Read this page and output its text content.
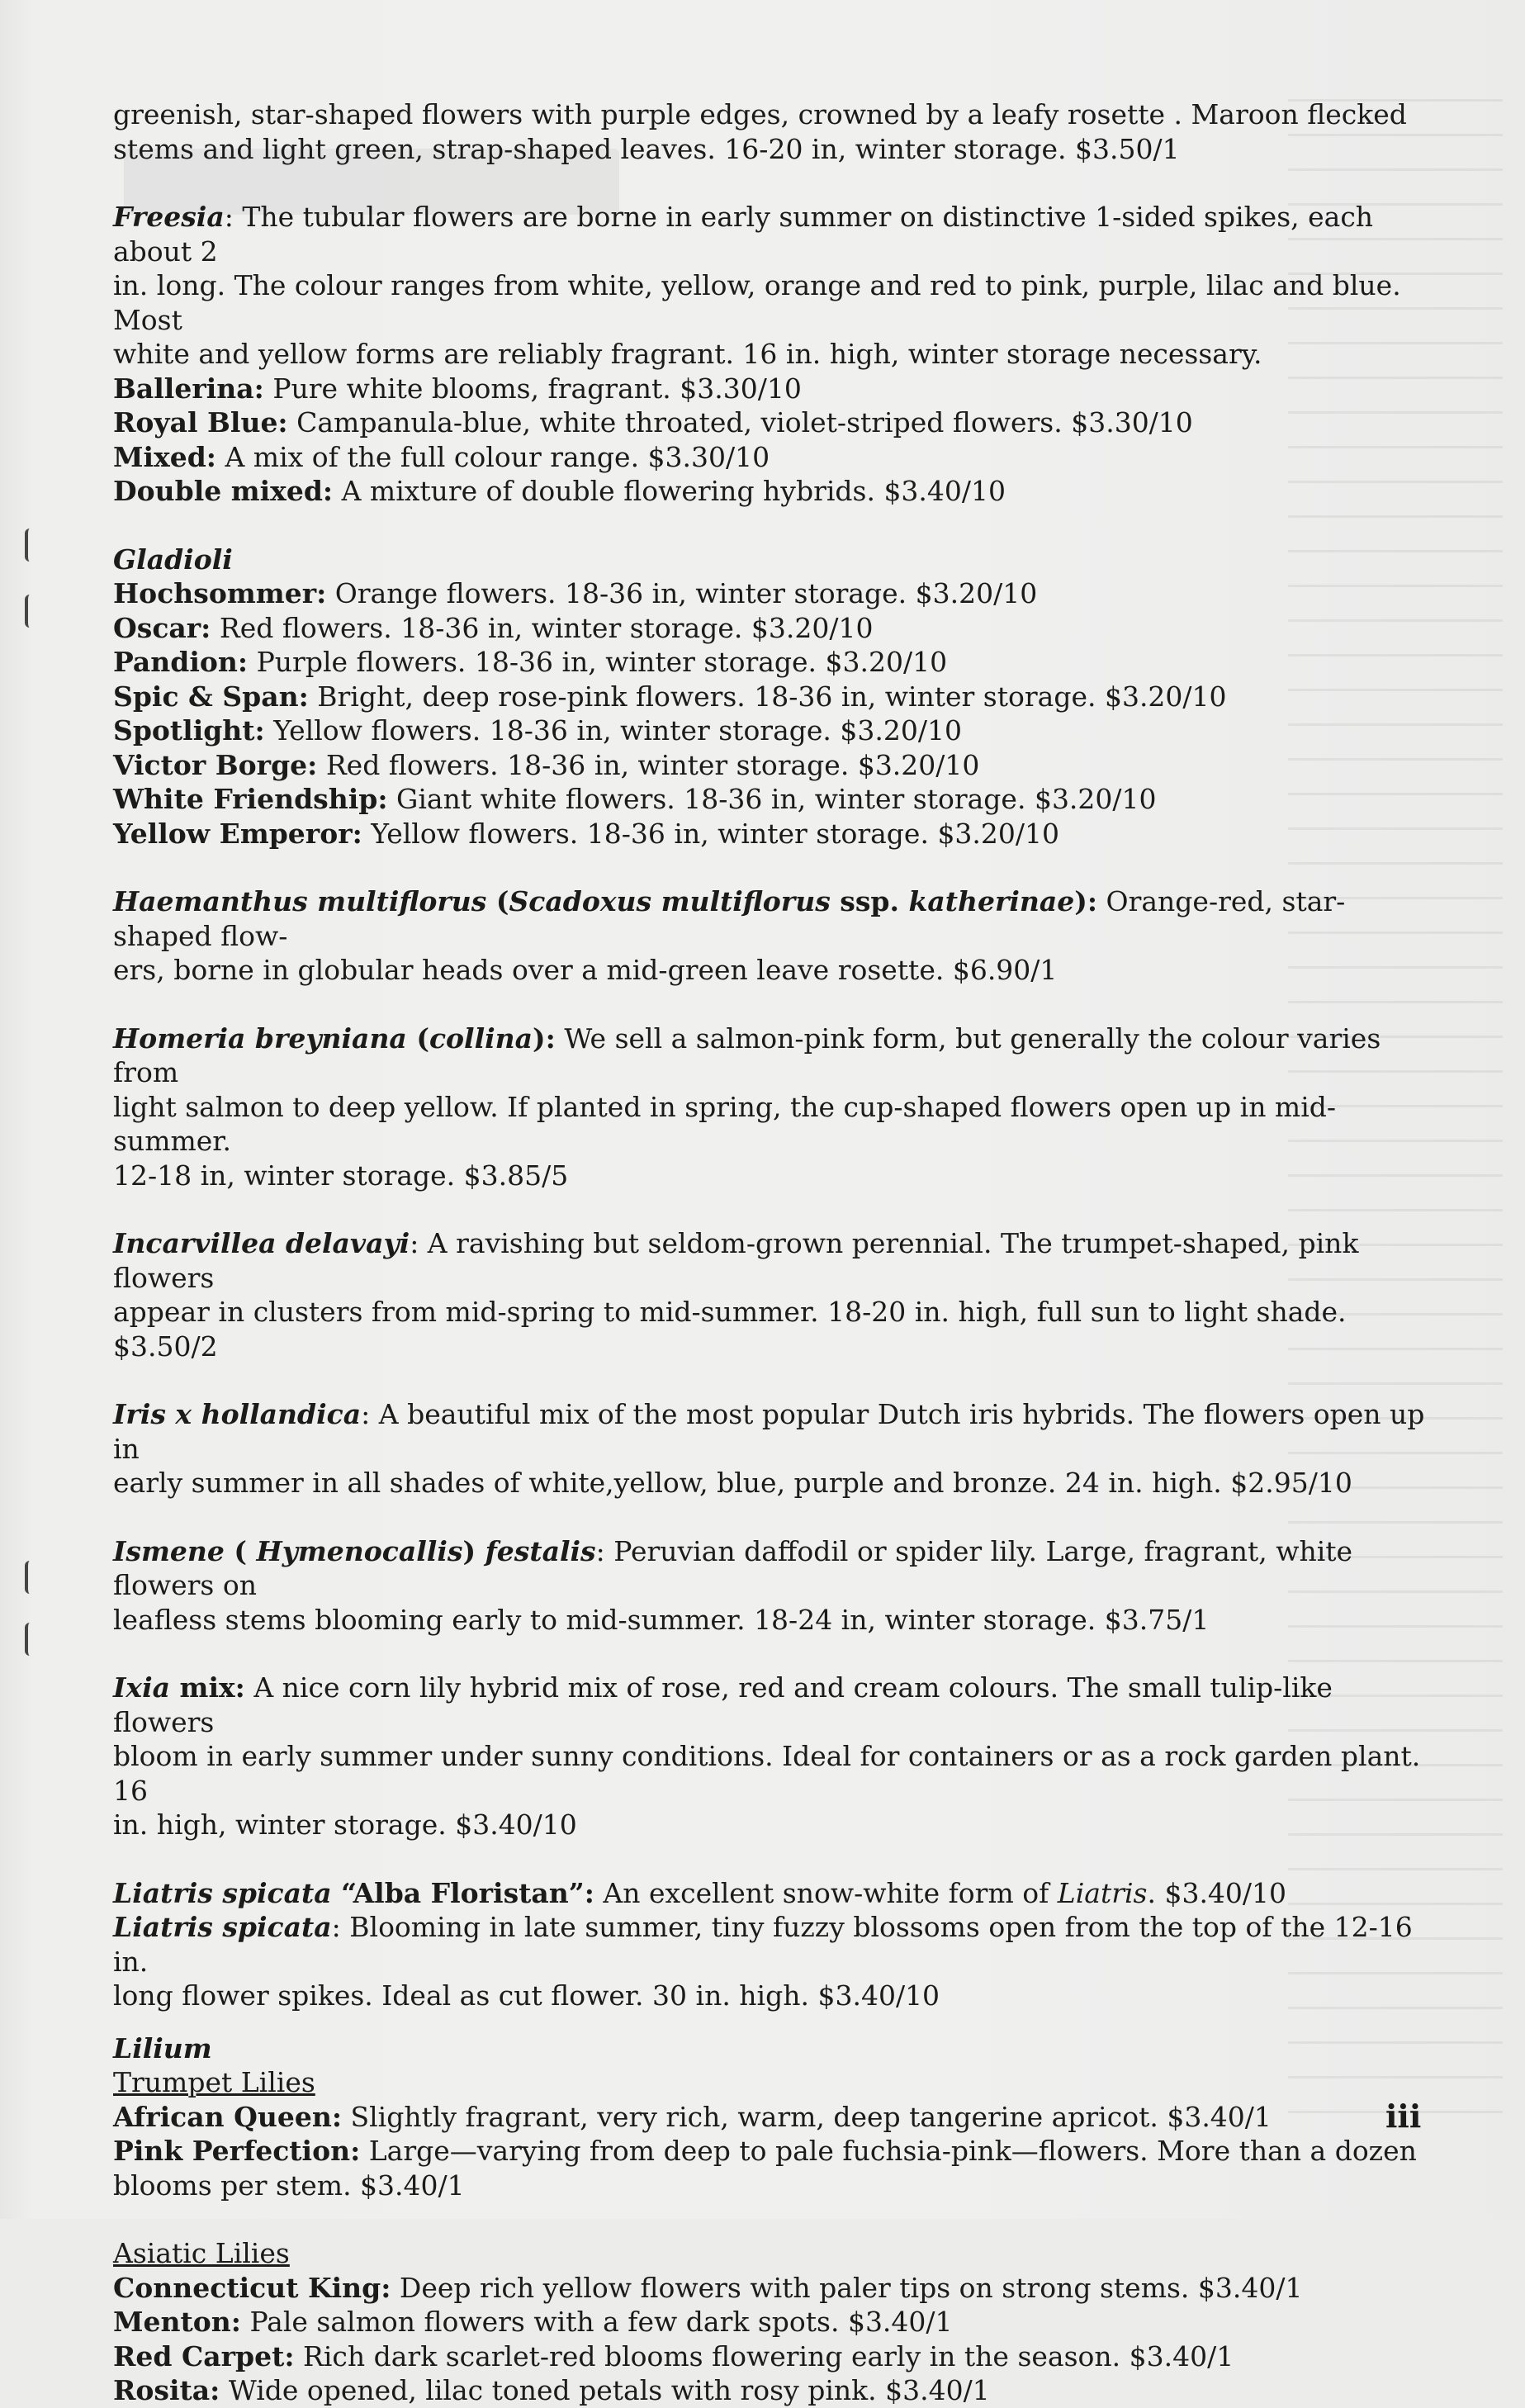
greenish, star-shaped flowers with purple edges, crowned by a leafy rosette . Maroon flecked

stems and light green, strap-shaped leaves. 16-20 in, winter storage. $3.50/1

Freesia: The tubular flowers are borne in early summer on distinctive 1-sided spikes, each about 2

in. long. The colour ranges from white, yellow, orange and red to pink, purple, lilac and blue. Most

white and yellow forms are reliably fragrant. 16 in. high, winter storage necessary.

Ballerina: Pure white blooms, fragrant. $3.30/10

Royal Blue: Campanula-blue, white throated, violet-striped flowers. $3.30/10

Mixed: A mix of the full colour range. $3.30/10

Double mixed: A mixture of double flowering hybrids. $3.40/10

Gladioli

Hochsommer: Orange flowers. 18-36 in, winter storage. $3.20/10

Oscar: Red flowers. 18-36 in, winter storage. $3.20/10

Pandion: Purple flowers. 18-36 in, winter storage. $3.20/10

Spic & Span: Bright, deep rose-pink flowers. 18-36 in, winter storage. $3.20/10

Spotlight: Yellow flowers. 18-36 in, winter storage. $3.20/10

Victor Borge: Red flowers. 18-36 in, winter storage. $3.20/10

White Friendship: Giant white flowers. 18-36 in, winter storage. $3.20/10

Yellow Emperor: Yellow flowers. 18-36 in, winter storage. $3.20/10

Haemanthus multiflorus (Scadoxus multiflorus ssp. katherinae): Orange-red, star-shaped flow-

ers, borne in globular heads over a mid-green leave rosette. $6.90/1

Homeria breyniana (collina): We sell a salmon-pink form, but generally the colour varies from

light salmon to deep yellow. If planted in spring, the cup-shaped flowers open up in mid-summer.

12-18 in, winter storage. $3.85/5

Incarvillea delavayi: A ravishing but seldom-grown perennial. The trumpet-shaped, pink flowers

appear in clusters from mid-spring to mid-summer. 18-20 in. high, full sun to light shade. $3.50/2

Iris x hollandica: A beautiful mix of the most popular Dutch iris hybrids. The flowers open up in

early summer in all shades of white,yellow, blue, purple and bronze. 24 in. high. $2.95/10

Ismene ( Hymenocallis) festalis: Peruvian daffodil or spider lily. Large, fragrant, white flowers on

leafless stems blooming early to mid-summer. 18-24 in, winter storage. $3.75/1

Ixia mix: A nice corn lily hybrid mix of rose, red and cream colours. The small tulip-like flowers

bloom in early summer under sunny conditions. Ideal for containers or as a rock garden plant. 16

in. high, winter storage. $3.40/10

Liatris spicata “Alba Floristan”: An excellent snow-white form of Liatris. $3.40/10

Liatris spicata: Blooming in late summer, tiny fuzzy blossoms open from the top of the 12-16 in.

long flower spikes. Ideal as cut flower. 30 in. high. $3.40/10

Lilium

Trumpet Lilies

African Queen: Slightly fragrant, very rich, warm, deep tangerine apricot. $3.40/1

Pink Perfection: Large—varying from deep to pale fuchsia-pink—flowers. More than a dozen

blooms per stem. $3.40/1

Asiatic Lilies

Connecticut King: Deep rich yellow flowers with paler tips on strong stems. $3.40/1

Menton: Pale salmon flowers with a few dark spots. $3.40/1

Red Carpet: Rich dark scarlet-red blooms flowering early in the season. $3.40/1

Rosita: Wide opened, lilac toned petals with rosy pink. $3.40/1

iii
